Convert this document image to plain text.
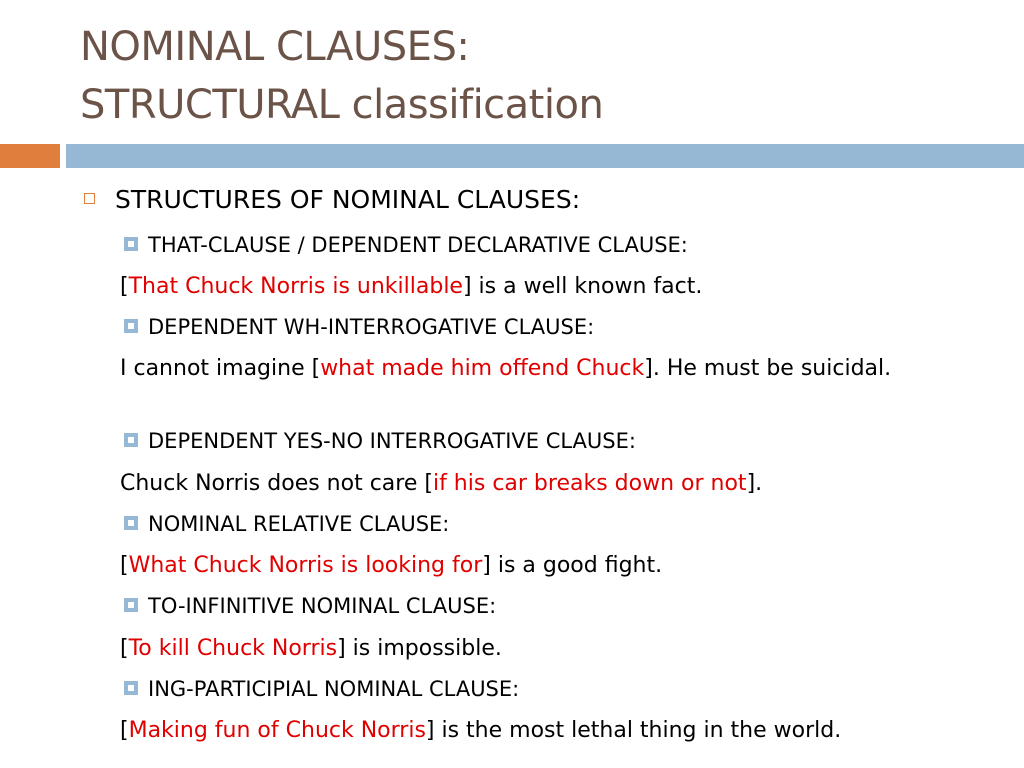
NOMINAL CLAUSES:
STRUCTURAL classification
STRUCTURES OF NOMINAL CLAUSES:
THAT-CLAUSE / DEPENDENT DECLARATIVE CLAUSE:
[That Chuck Norris is unkillable] is a well known fact.
DEPENDENT WH-INTERROGATIVE CLAUSE:
I cannot imagine [what made him offend Chuck]. He must be suicidal.
DEPENDENT YES-NO INTERROGATIVE CLAUSE:
Chuck Norris does not care [if his car breaks down or not].
NOMINAL RELATIVE CLAUSE:
[What Chuck Norris is looking for] is a good fight.
TO-INFINITIVE NOMINAL CLAUSE:
[To kill Chuck Norris] is impossible.
ING-PARTICIPIAL NOMINAL CLAUSE:
[Making fun of Chuck Norris] is the most lethal thing in the world.
